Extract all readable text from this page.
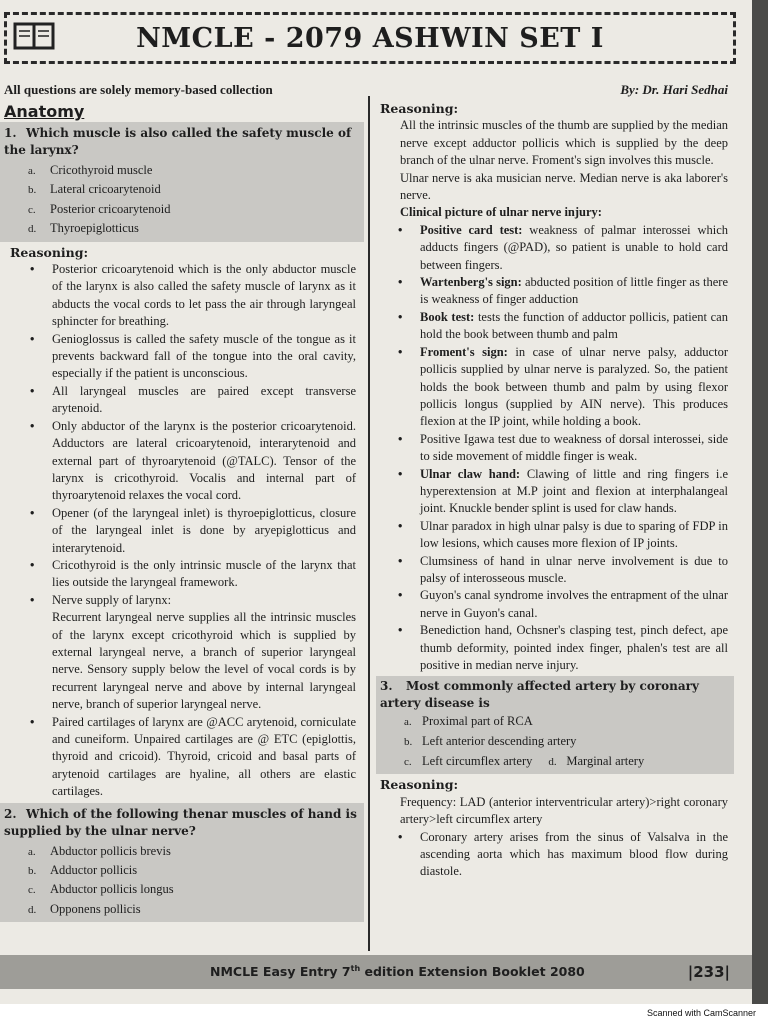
NMCLE - 2079 ASHWIN SET I
All questions are solely memory-based collection	By: Dr. Hari Sedhai
Anatomy
1. Which muscle is also called the safety muscle of the larynx?
a. Cricothyroid muscle
b. Lateral cricoarytenoid
c. Posterior cricoarytenoid
d. Thyroepiglotticus
Reasoning:
• Posterior cricoarytenoid which is the only abductor muscle of the larynx is also called the safety muscle of larynx as it abducts the vocal cords to let pass the air through laryngeal sphincter for breathing.
• Genioglossus is called the safety muscle of the tongue as it prevents backward fall of the tongue into the oral cavity, especially if the patient is unconscious.
• All laryngeal muscles are paired except transverse arytenoid.
• Only abductor of the larynx is the posterior cricoarytenoid. Adductors are lateral cricoarytenoid, interarytenoid and external part of thyroarytenoid (@TALC). Tensor of the larynx is cricothyroid. Vocalis and internal part of thyroarytenoid relaxes the vocal cord.
• Opener (of the laryngeal inlet) is thyroepiglotticus, closure of the laryngeal inlet is done by aryepiglotticus and interarytenoid.
• Cricothyroid is the only intrinsic muscle of the larynx that lies outside the laryngeal framework.
• Nerve supply of larynx:
Recurrent laryngeal nerve supplies all the intrinsic muscles of the larynx except cricothyroid which is supplied by external laryngeal nerve, a branch of superior laryngeal nerve. Sensory supply below the level of vocal cords is by recurrent laryngeal nerve and above by internal laryngeal nerve, branch of superior laryngeal nerve.
• Paired cartilages of larynx are @ACC arytenoid, corniculate and cuneiform. Unpaired cartilages are @ ETC (epiglottis, thyroid and cricoid). Thyroid, cricoid and basal parts of arytenoid cartilages are hyaline, all others are elastic cartilages.
2. Which of the following thenar muscles of hand is supplied by the ulnar nerve?
a. Abductor pollicis brevis
b. Adductor pollicis
c. Abductor pollicis longus
d. Opponens pollicis
Reasoning:
All the intrinsic muscles of the thumb are supplied by the median nerve except adductor pollicis which is supplied by the deep branch of the ulnar nerve. Froment's sign involves this muscle.
Ulnar nerve is aka musician nerve. Median nerve is aka laborer's nerve.
Clinical picture of ulnar nerve injury:
• Positive card test: weakness of palmar interossei which adducts fingers (@PAD), so patient is unable to hold card between fingers.
• Wartenberg's sign: abducted position of little finger as there is weakness of finger adduction
• Book test: tests the function of adductor pollicis, patient can hold the book between thumb and palm
• Froment's sign: in case of ulnar nerve palsy, adductor pollicis supplied by ulnar nerve is paralyzed. So, the patient holds the book between thumb and palm by using flexor pollicis longus (supplied by AIN nerve). This produces flexion at the IP joint, while holding a book.
• Positive Igawa test due to weakness of dorsal interossei, side to side movement of middle finger is weak.
• Ulnar claw hand: Clawing of little and ring fingers i.e hyperextension at M.P joint and flexion at interphalangeal joint. Knuckle bender splint is used for claw hands.
• Ulnar paradox in high ulnar palsy is due to sparing of FDP in low lesions, which causes more flexion of IP joints.
• Clumsiness of hand in ulnar nerve involvement is due to palsy of interosseous muscle.
• Guyon's canal syndrome involves the entrapment of the ulnar nerve in Guyon's canal.
• Benediction hand, Ochsner's clasping test, pinch defect, ape thumb deformity, pointed index finger, phalen's test are all positive in median nerve injury.
3. Most commonly affected artery by coronary artery disease is
a. Proximal part of RCA
b. Left anterior descending artery
c. Left circumflex artery d. Marginal artery
Reasoning:
Frequency: LAD (anterior interventricular artery)>right coronary artery>left circumflex artery
• Coronary artery arises from the sinus of Valsalva in the ascending aorta which has maximum blood flow during diastole.
NMCLE Easy Entry 7th edition Extension Booklet 2080	|233|
Scanned with CamScanner
